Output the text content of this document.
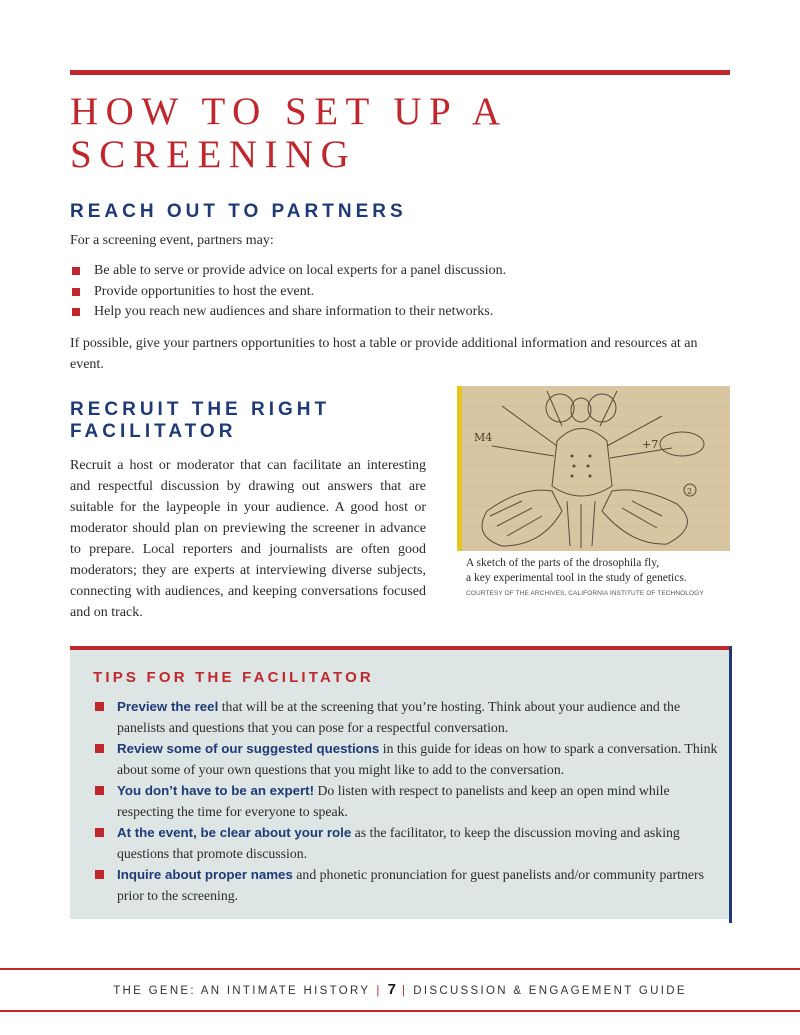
HOW TO SET UP A SCREENING
REACH OUT TO PARTNERS

For a screening event, partners may:

Be able to serve or provide advice on local experts for a panel discussion.
Provide opportunities to host the event.
Help you reach new audiences and share information to their networks.

If possible, give your partners opportunities to host a table or provide additional information and resources at an event.

RECRUIT THE RIGHT FACILITATOR

Recruit a host or moderator that can facilitate an interesting and respectful discussion by drawing out answers that are suitable for the laypeople in your audience. A good host or moderator should plan on previewing the screener in advance to prepare. Local reporters and journalists are often good moderators; they are experts at interviewing diverse subjects, connecting with audiences, and keeping conversations focused and on track.

M4
+7
2
A sketch of the parts of the drosophila fly,
a key experimental tool in the study of genetics.
COURTESY OF THE ARCHIVES, CALIFORNIA INSTITUTE OF TECHNOLOGY
TIPS FOR THE FACILITATOR
Preview the reel that will be at the screening that you’re hosting. Think about your audience and the panelists and questions that you can pose for a respectful conversation.
Review some of our suggested questions in this guide for ideas on how to spark a conversation. Think about some of your own questions that you might like to add to the conversation.
You don’t have to be an expert! Do listen with respect to panelists and keep an open mind while respecting the time for everyone to speak.
At the event, be clear about your role as the facilitator, to keep the discussion moving and asking questions that promote discussion.
Inquire about proper names and phonetic pronunciation for guest panelists and/or community partners prior to the screening.
THE GENE: AN INTIMATE HISTORY | 7 | DISCUSSION & ENGAGEMENT GUIDE
